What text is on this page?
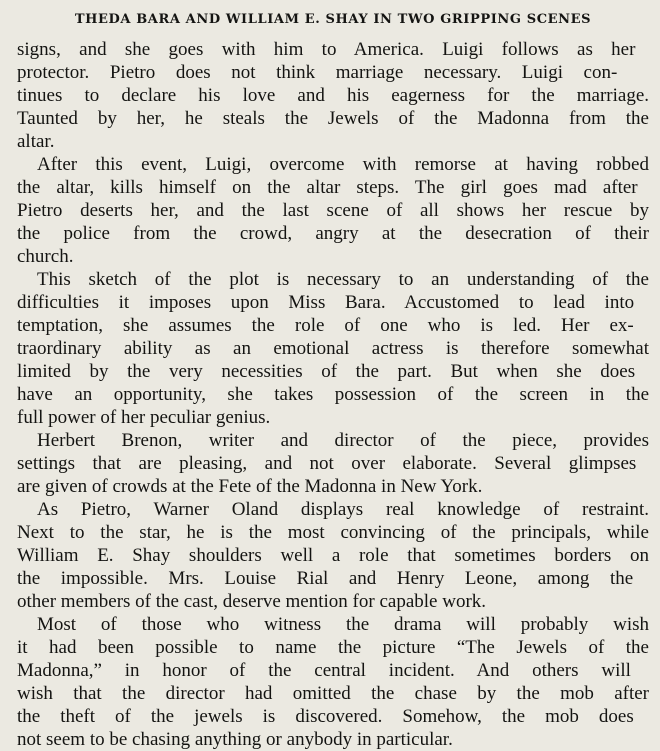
THEDA BARA AND WILLIAM E. SHAY IN TWO GRIPPING SCENES
signs, and she goes with him to America. Luigi follows as her
protector. Pietro does not think marriage necessary. Luigi con-
tinues to declare his love and his eagerness for the marriage.
Taunted by her, he steals the Jewels of the Madonna from the
altar.
After this event, Luigi, overcome with remorse at having robbed
the altar, kills himself on the altar steps. The girl goes mad after
Pietro deserts her, and the last scene of all shows her rescue by
the police from the crowd, angry at the desecration of their
church.
This sketch of the plot is necessary to an understanding of the
difficulties it imposes upon Miss Bara. Accustomed to lead into
temptation, she assumes the role of one who is led. Her ex-
traordinary ability as an emotional actress is therefore somewhat
limited by the very necessities of the part. But when she does
have an opportunity, she takes possession of the screen in the
full power of her peculiar genius.
Herbert Brenon, writer and director of the piece, provides
settings that are pleasing, and not over elaborate. Several glimpses
are given of crowds at the Fete of the Madonna in New York.
As Pietro, Warner Oland displays real knowledge of restraint.
Next to the star, he is the most convincing of the principals, while
William E. Shay shoulders well a role that sometimes borders on
the impossible. Mrs. Louise Rial and Henry Leone, among the
other members of the cast, deserve mention for capable work.
Most of those who witness the drama will probably wish
it had been possible to name the picture “The Jewels of the
Madonna,” in honor of the central incident. And others will
wish that the director had omitted the chase by the mob after
the theft of the jewels is discovered. Somehow, the mob does
not seem to be chasing anything or anybody in particular.
